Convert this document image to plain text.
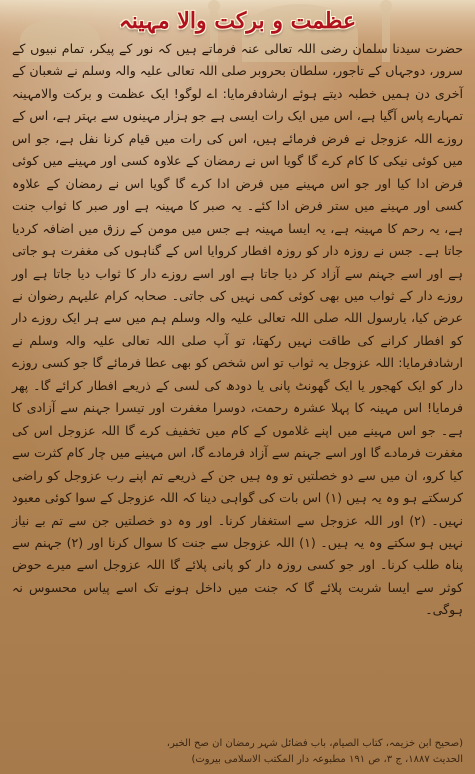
عظمت و برکت والا مہینہ

حضرت سیدنا سلمان رضی اللہ تعالی عنہ فرماتے ہیں کہ نور کے پیکر، تمام نبیوں کے سرور، دوجہاں کے تاجور، سلطان بحروبر صلی اللہ تعالی علیہ والہ وسلم نے شعبان کے آخری دن ہمیں خطبہ دیتے ہوئے ارشادفرمایا: اے لوگو! ایک عظمت و برکت والامہینہ تمہارے پاس آگیا ہے، اس میں ایک رات ایسی ہے جو ہزار مہینوں سے بہتر ہے، اس کے روزے اللہ عزوجل نے فرض فرمائے ہیں، اس کی رات میں قیام کرنا نفل ہے، جو اس میں کوئی نیکی کا کام کرے گا گویا اس نے رمضان کے علاوہ کسی اور مہینے میں کوئی فرض ادا کیا اور جو اس مہینے میں فرض ادا کرے گا گویا اس نے رمضان کے علاوہ کسی اور مہینے میں ستر فرض ادا کئے۔ یہ صبر کا مہینہ ہے اور صبر کا ثواب جنت ہے، یہ رحم کا مہینہ ہے، یہ ایسا مہینہ ہے جس میں مومن کے رزق میں اضافہ کردیا جاتا ہے۔ جس نے روزہ دار کو روزہ افطار کروایا اس کے گناہوں کی مغفرت ہو جاتی ہے اور اسے جہنم سے آزاد کر دیا جاتا ہے اور اسے روزے دار کا ثواب دیا جاتا ہے اور روزے دار کے ثواب میں بھی کوئی کمی نہیں کی جاتی۔ صحابہ کرام علیہم رضوان نے عرض کیا، یارسول اللہ صلی اللہ تعالی علیہ والہ وسلم ہم میں سے ہر ایک روزے دار کو افطار کرانے کی طاقت نہیں رکھتا، تو آپ صلی اللہ تعالی علیہ والہ وسلم نے ارشادفرمایا: اللہ عزوجل یہ ثواب تو اس شخص کو بھی عطا فرمائے گا جو کسی روزے دار کو ایک کھجور یا ایک گھونٹ پانی یا دودھ کی لسی کے ذریعے افطار کرائے گا۔ پھر فرمایا! اس مہینہ کا پہلا عشرہ رحمت، دوسرا مغفرت اور تیسرا جہنم سے آزادی کا ہے۔ جو اس مہینے میں اپنے غلاموں کے کام میں تخفیف کرے گا اللہ عزوجل اس کی مغفرت فرمادے گا اور اسے جہنم سے آزاد فرمادے گا، اس مہینے میں چار کام کثرت سے کیا کرو، ان میں سے دو خصلتیں تو وہ ہیں جن کے ذریعے تم اپنے رب عزوجل کو راضی کرسکتے ہو وہ یہ ہیں (۱) اس بات کی گواہی دینا کہ اللہ عزوجل کے سوا کوئی معبود نہیں۔ (۲) اور اللہ عزوجل سے استغفار کرنا۔ اور وہ دو خصلتیں جن سے تم بے نیاز نہیں ہو سکتے وہ یہ ہیں۔ (۱) اللہ عزوجل سے جنت کا سوال کرنا اور (۲) جہنم سے پناہ طلب کرنا۔ اور جو کسی روزہ دار کو پانی پلائے گا اللہ عزوجل اسے میرے حوض کوثر سے ایسا شربت پلائے گا کہ جنت میں داخل ہونے تک اسے پیاس محسوس نہ ہوگی۔

(صحیح ابن خزیمہ، کتاب الصیام، باب فضائل شہر رمضان ان صح الخبر،
الحدیث ۱۸۸۷، ج ۳، ص ۱۹۱ مطبوعہ دار المکتب الاسلامی بیروت)
